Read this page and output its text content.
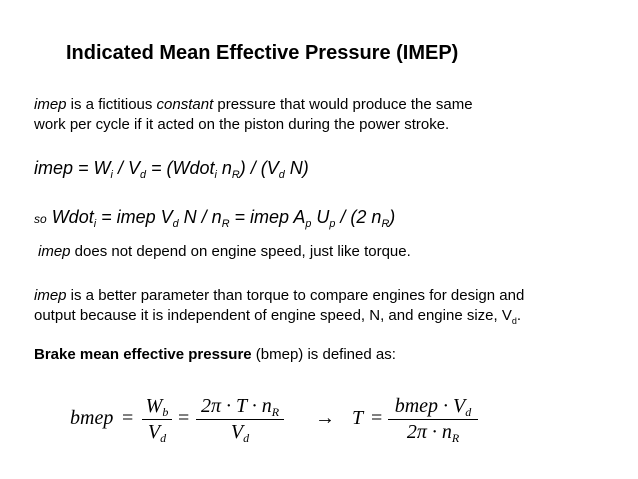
Indicated Mean Effective Pressure (IMEP)
imep is a fictitious constant pressure that would produce the same
work per cycle if it acted on the piston during the power stroke.
imep = $W_i / V_d$ = (Wdot$_i$ $n_R) / (V_d$ N)
so Wdot$_i$ = imep $V_d$ N / $n_R$ = imep $A_p$ $U_p / (2$ $n_R$)
imep does not depend on engine speed, just like torque.
imep is a better parameter than torque to compare engines for design and
output because it is independent of engine speed, N, and engine size, $V_d$.
Brake mean effective pressure (bmep) is defined as:
bmep =
$W_b$
$V_d$
=
$2\pi \cdot T \cdot n_R$
$V_d$
→ T =
bmep · $V_d$
$2\pi \cdot n_R$
